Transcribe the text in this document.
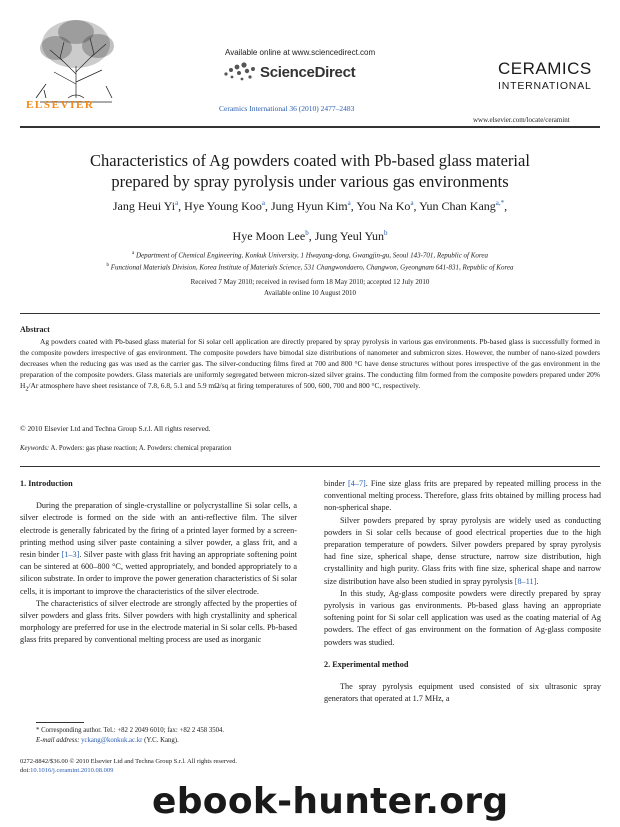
ELSEVIER
Available online at www.sciencedirect.com
ScienceDirect
Ceramics International 36 (2010) 2477–2483
CERAMICS
INTERNATIONAL
www.elsevier.com/locate/ceramint
Characteristics of Ag powders coated with Pb-based glass material
prepared by spray pyrolysis under various gas environments
Jang Heui Yi$^a$, Hye Young Koo$^a$, Jung Hyun Kim$^a$, You Na Ko$^a$, Yun Chan Kang$^{a,*}$,
Hye Moon Lee$^b$, Jung Yeul Yun$^b$
$^a$ Department of Chemical Engineering, Konkuk University, 1 Hwayang-dong, Gwangjin-gu, Seoul 143-701, Republic of Korea
$^b$ Functional Materials Division, Korea Institute of Materials Science, 531 Changwondaero, Changwon, Gyeongnam 641-831, Republic of Korea
Received 7 May 2010; received in revised form 18 May 2010; accepted 12 July 2010
Available online 10 August 2010
Abstract
Ag powders coated with Pb-based glass material for Si solar cell application are directly prepared by spray pyrolysis in various gas environments. Pb-based glass is successfully formed in the composite powders irrespective of gas environment. The composite powders have bimodal size distributions of nanometer and submicron sizes. However, the number of nano-sized powders decreases when the reducing gas was used as the carrier gas. The silver-conducting films fired at 700 and 800 °C have dense structures without pores irrespective of the gas environment in the preparation of the composite powders. Glass materials are uniformly segregated between micron-sized silver grains. The conducting film formed from the composite powders prepared under 20% $H_2/Ar$ atmosphere have sheet resistance of 7.8, 6.8, 5.1 and 5.9 mΩ/sq at firing temperatures of 500, 600, 700 and 800 °C, respectively.
© 2010 Elsevier Ltd and Techna Group S.r.l. All rights reserved.
Keywords: A. Powders: gas phase reaction; A. Powders: chemical preparation
1. Introduction

During the preparation of single-crystalline or polycrystalline Si solar cells, a silver electrode is formed on the side with an anti-reflective film. The silver electrode is generally fabricated by the firing of a printed layer formed by a screen-printing method using silver paste containing a silver powder, a glass frit, and a resin binder [1–3]. Silver paste with glass frit having an appropriate softening point can be sintered at 600–800 °C, wetted appropriately, and bonded appropriately to a silicon substrate. In order to improve the power generation characteristics of Si solar cells, it is important to improve the characteristics of the silver electrode.

The characteristics of silver electrode are strongly affected by the properties of silver powders and glass frits. Silver powders with high crystallinity and spherical morphology are preferred for use in the electrode material in Si solar cells. Pb-based glass frits prepared by conventional melting process are used as inorganic

* Corresponding author. Tel.: +82 2 2049 6010; fax: +82 2 458 3504.
E-mail address: yckang@konkuk.ac.kr (Y.C. Kang).
0272-8842/$36.00 © 2010 Elsevier Ltd and Techna Group S.r.l. All rights reserved.
doi:10.1016/j.ceramint.2010.08.009

binder [4–7]. Fine size glass frits are prepared by repeated milling process in the conventional melting process. Therefore, glass frits obtained by milling process had non-spherical shape.

Silver powders prepared by spray pyrolysis are widely used as conducting powders in Si solar cells because of good electrical properties due to the high preparation temperature of powders. Silver powders prepared by spray pyrolysis had fine size, spherical shape, dense structure, narrow size distribution, high crystallinity and high purity. Glass frits with fine size, spherical shape and narrow size distribution have also been studied in spray pyrolysis [8–11].

In this study, Ag-glass composite powders were directly prepared by spray pyrolysis in various gas environments. Pb-based glass having an appropriate softening point for Si solar cell application was used as the coating material of Ag powders. The effect of gas environment on the formation of Ag-glass composite powders was studied.

2. Experimental method

The spray pyrolysis equipment used consisted of six ultrasonic spray generators that operated at 1.7 MHz, a

ebook-hunter.org
